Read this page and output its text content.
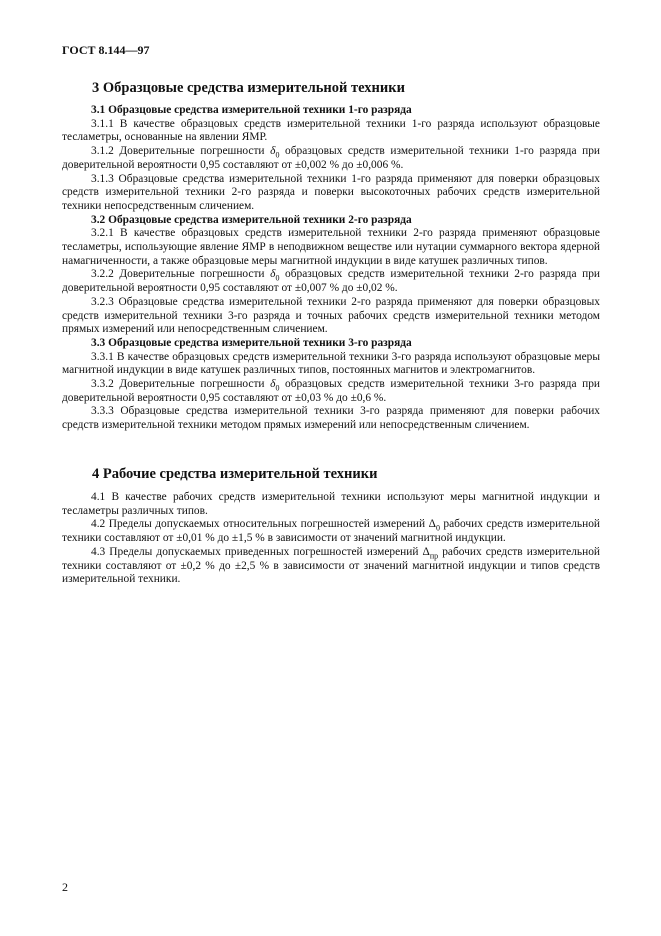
ГОСТ 8.144—97
3 Образцовые средства измерительной техники

3.1 Образцовые средства измерительной техники 1-го разряда

3.1.1 В качестве образцовых средств измерительной техники 1-го разряда используют образцовые тесламетры, основанные на явлении ЯМР.

3.1.2 Доверительные погрешности $\delta_0$ образцовых средств измерительной техники 1-го разряда при доверительной вероятности 0,95 составляют от ±0,002 % до ±0,006 %.

3.1.3 Образцовые средства измерительной техники 1-го разряда применяют для поверки образцовых средств измерительной техники 2-го разряда и поверки высокоточных рабочих средств измерительной техники непосредственным сличением.

3.2 Образцовые средства измерительной техники 2-го разряда

3.2.1 В качестве образцовых средств измерительной техники 2-го разряда применяют образцовые тесламетры, использующие явление ЯМР в неподвижном веществе или нутации суммарного вектора ядерной намагниченности, а также образцовые меры магнитной индукции в виде катушек различных типов.

3.2.2 Доверительные погрешности $\delta_0$ образцовых средств измерительной техники 2-го разряда при доверительной вероятности 0,95 составляют от ±0,007 % до ±0,02 %.

3.2.3 Образцовые средства измерительной техники 2-го разряда применяют для поверки образцовых средств измерительной техники 3-го разряда и точных рабочих средств измерительной техники методом прямых измерений или непосредственным сличением.

3.3 Образцовые средства измерительной техники 3-го разряда

3.3.1 В качестве образцовых средств измерительной техники 3-го разряда используют образцовые меры магнитной индукции в виде катушек различных типов, постоянных магнитов и электромагнитов.

3.3.2 Доверительные погрешности $\delta_0$ образцовых средств измерительной техники 3-го разряда при доверительной вероятности 0,95 составляют от ±0,03 % до ±0,6 %.

3.3.3 Образцовые средства измерительной техники 3-го разряда применяют для поверки рабочих средств измерительной техники методом прямых измерений или непосредственным сличением.

4 Рабочие средства измерительной техники

4.1 В качестве рабочих средств измерительной техники используют меры магнитной индукции и тесламетры различных типов.

4.2 Пределы допускаемых относительных погрешностей измерений $\Delta_0$ рабочих средств измерительной техники составляют от ±0,01 % до ±1,5 % в зависимости от значений магнитной индукции.

4.3 Пределы допускаемых приведенных погрешностей измерений $\Delta_{пр}$ рабочих средств измерительной техники составляют от ±0,2 % до ±2,5 % в зависимости от значений магнитной индукции и типов средств измерительной техники.

2
